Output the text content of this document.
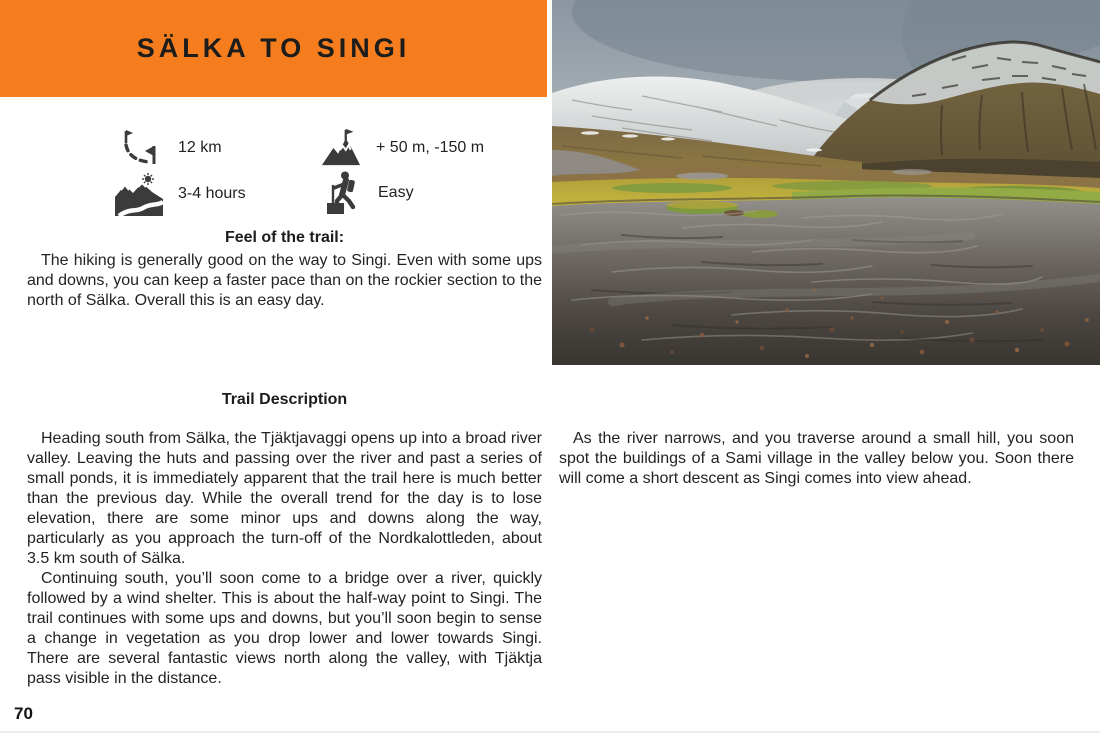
SÄLKA TO SINGI
12 km	+ 50 m, -150 m
3-4 hours	Easy
Feel of the trail:

The hiking is generally good on the way to Singi. Even with some ups and downs, you can keep a faster pace than on the rockier section to the north of Sälka. Overall this is an easy day.

Trail Description

Heading south from Sälka, the Tjäktjavaggi opens up into a broad river valley. Leaving the huts and passing over the river and past a series of small ponds, it is immediately apparent that the trail here is much better than the previous day. While the overall trend for the day is to lose elevation, there are some minor ups and downs along the way, particularly as you approach the turn-off of the Nordkalottleden, about 3.5 km south of Sälka.

Continuing south, you’ll soon come to a bridge over a river, quickly followed by a wind shelter. This is about the half-way point to Singi. The trail continues with some ups and downs, but you’ll soon begin to sense a change in vegetation as you drop lower and lower towards Singi. There are several fantastic views north along the valley, with Tjäktja pass visible in the distance.

As the river narrows, and you traverse around a small hill, you soon spot the buildings of a Sami village in the valley below you. Soon there will come a short descent as Singi comes into view ahead.

70
